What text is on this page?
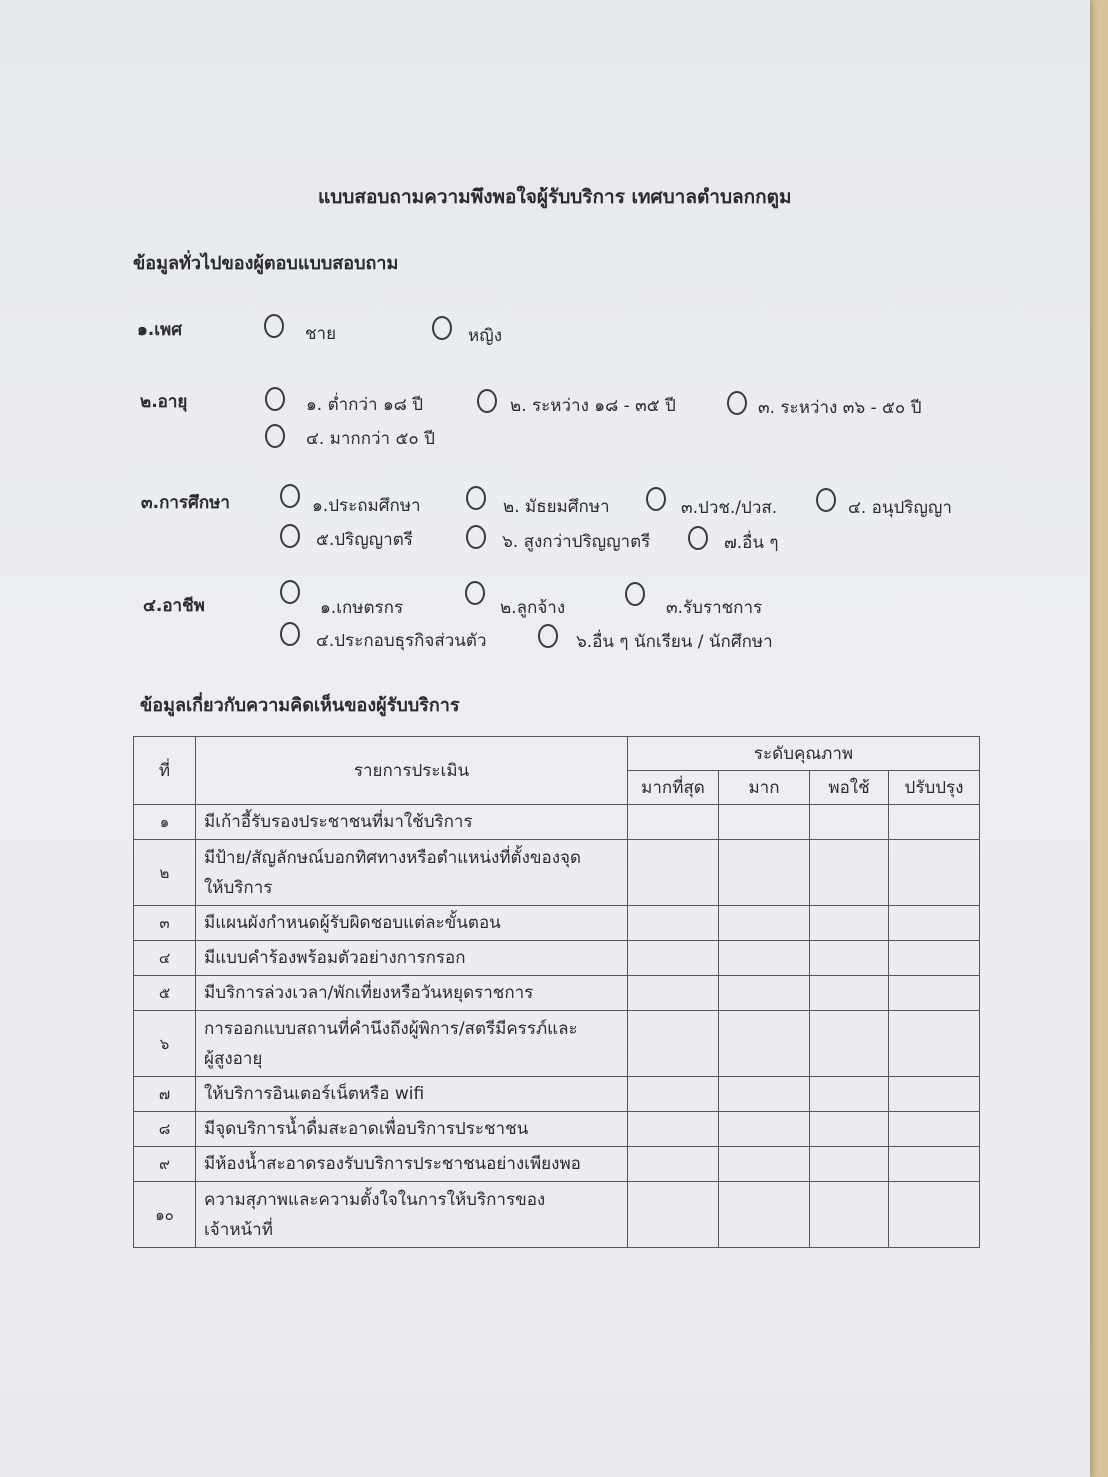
แบบสอบถามความพึงพอใจผู้รับบริการ เทศบาลตำบลกกตูม
ข้อมูลทั่วไปของผู้ตอบแบบสอบถาม
๑.เพศ	ชาย	หญิง
๒.อายุ	๑. ต่ำกว่า ๑๘ ปี	๒. ระหว่าง ๑๘ - ๓๕ ปี	๓. ระหว่าง ๓๖ - ๕๐ ปี
๔. มากกว่า ๕๐ ปี
๓.การศึกษา	๑.ประถมศึกษา	๒. มัธยมศึกษา	๓.ปวช./ปวส.	๔. อนุปริญญา
๕.ปริญญาตรี	๖. สูงกว่าปริญญาตรี	๗.อื่น ๆ
๔.อาชีพ	๑.เกษตรกร	๒.ลูกจ้าง	๓.รับราชการ
๔.ประกอบธุรกิจส่วนตัว	๖.อื่น ๆ นักเรียน / นักศึกษา
ข้อมูลเกี่ยวกับความคิดเห็นของผู้รับบริการ
ที่	รายการประเมิน	ระดับคุณภาพ			
		มากที่สุด	มาก	พอใช้	ปรับปรุง
๑	มีเก้าอี้รับรองประชาชนที่มาใช้บริการ				
๒	มีป้าย/สัญลักษณ์บอกทิศทางหรือตำแหน่งที่ตั้งของจุด
ให้บริการ				
๓	มีแผนผังกำหนดผู้รับผิดชอบแต่ละขั้นตอน				
๔	มีแบบคำร้องพร้อมตัวอย่างการกรอก				
๕	มีบริการล่วงเวลา/พักเที่ยงหรือวันหยุดราชการ				
๖	การออกแบบสถานที่คำนึงถึงผู้พิการ/สตรีมีครรภ์และ
ผู้สูงอายุ				
๗	ให้บริการอินเตอร์เน็ตหรือ wifi				
๘	มีจุดบริการน้ำดื่มสะอาดเพื่อบริการประชาชน				
๙	มีห้องน้ำสะอาดรองรับบริการประชาชนอย่างเพียงพอ				
๑๐	ความสุภาพและความตั้งใจในการให้บริการของ
เจ้าหน้าที่				
